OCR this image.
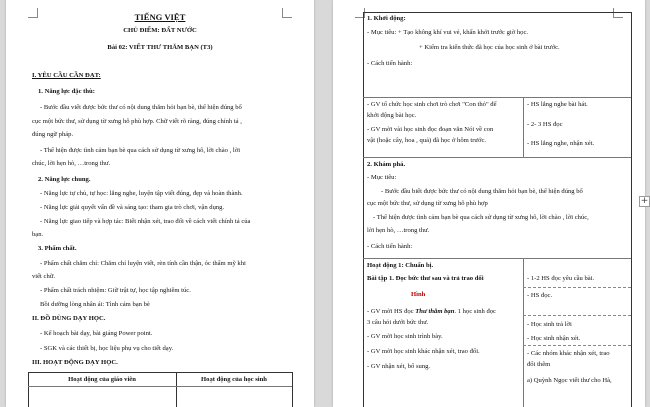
TIẾNG VIỆT
CHỦ ĐIỂM: ĐẤT NƯỚC
Bài 02: VIẾT THƯ THĂM BẠN (T3)
I. YÊU CẦU CẦN ĐẠT:
1. Năng lực đặc thù:
- Bước đầu viết được bức thư có nội dung thăm hỏi bạn bè, thể hiện đúng bố
cục một bức thư, sử dụng từ xưng hô phù hợp. Chữ viết rõ ràng, đúng chính tả ,
đúng ngữ pháp.
- Thể hiện được tình cảm bạn bè qua cách sử dụng từ xưng hô, lời chào , lời
chúc, lời hẹn hò, …trong thư.
2. Năng lực chung.
- Năng lực tự chủ, tự học: lắng nghe, luyện tập viết đúng, đẹp và hoàn thành.
- Năng lực giải quyết vấn đề và sáng tạo: tham gia trò chơi, vận dụng.
- Năng lực giao tiếp và hợp tác: Biết nhận xét, trao đổi về cách viết chính tả của
bạn.
3. Phẩm chất.
- Phẩm chất chăm chỉ: Chăm chỉ luyện viết, rèn tính cần thận, óc thẩm mỹ khi
viết chữ.
- Phẩm chất trách nhiệm: Giữ trật tự, học tập nghiêm túc.
Bồi dưỡng lòng nhân ái: Tình cảm bạn bè
II. ĐỒ DÙNG DẠY HỌC.
- Kế hoạch bài dạy, bài giảng Power point.
- SGK và các thiết bị, học liệu phụ vụ cho tiết dạy.
III. HOẠT ĐỘNG DẠY HỌC.
Hoạt động của giáo viên	Hoạt động của học sinh
1. Khởi động:
- Mục tiêu: + Tạo không khí vui vẻ, khấn khởi trước giờ học.
+ Kiểm tra kiến thức đã học của học sinh ở bài trước.
- Cách tiến hành:
- GV tổ chức học sinh chơi trò chơi "Con thỏ" để
khởi động bài học.
- GV mời vài học sinh đọc đoạn văn Nói về con
vật (hoặc cây, hoa , quả) đã học ở hôm trước.
- HS lắng nghe bài hát.
- 2- 3 HS đọc
- HS lắng nghe, nhận xét.
2. Khám phá.
- Mục tiêu:
- Bước đầu biết được bức thư có nội dung thăm hỏi bạn bè, thể hiện đúng bố
cục một bức thư, sử dụng từ xưng hô phù hợp
- Thể hiện được tình cảm bạn bè qua cách sử dụng từ xưng hô, lời chào , lời chúc,
lời hẹn hò, …trong thư.
- Cách tiến hành:
Hoạt động 1: Chuẩn bị.
Bài tập 1. Đọc bức thư sau và trả trao đổi
Hình
- GV mời HS đọc Thư thăm bạn. 1 học sinh đọc
3 câu hỏi dưới bức thư.
- GV mời học sinh trình bày.
- GV mời học sinh khác nhận xét, trao đổi.
- GV nhận xét, bổ sung.
- 1-2 HS đọc yêu cầu bài.
- HS đọc.
- Học sinh trả lời
- Học sinh nhận xét.
- Các nhóm khác nhận xét, trao
đổi thêm
a) Quỳnh Ngọc viết thư cho Hà,
+
